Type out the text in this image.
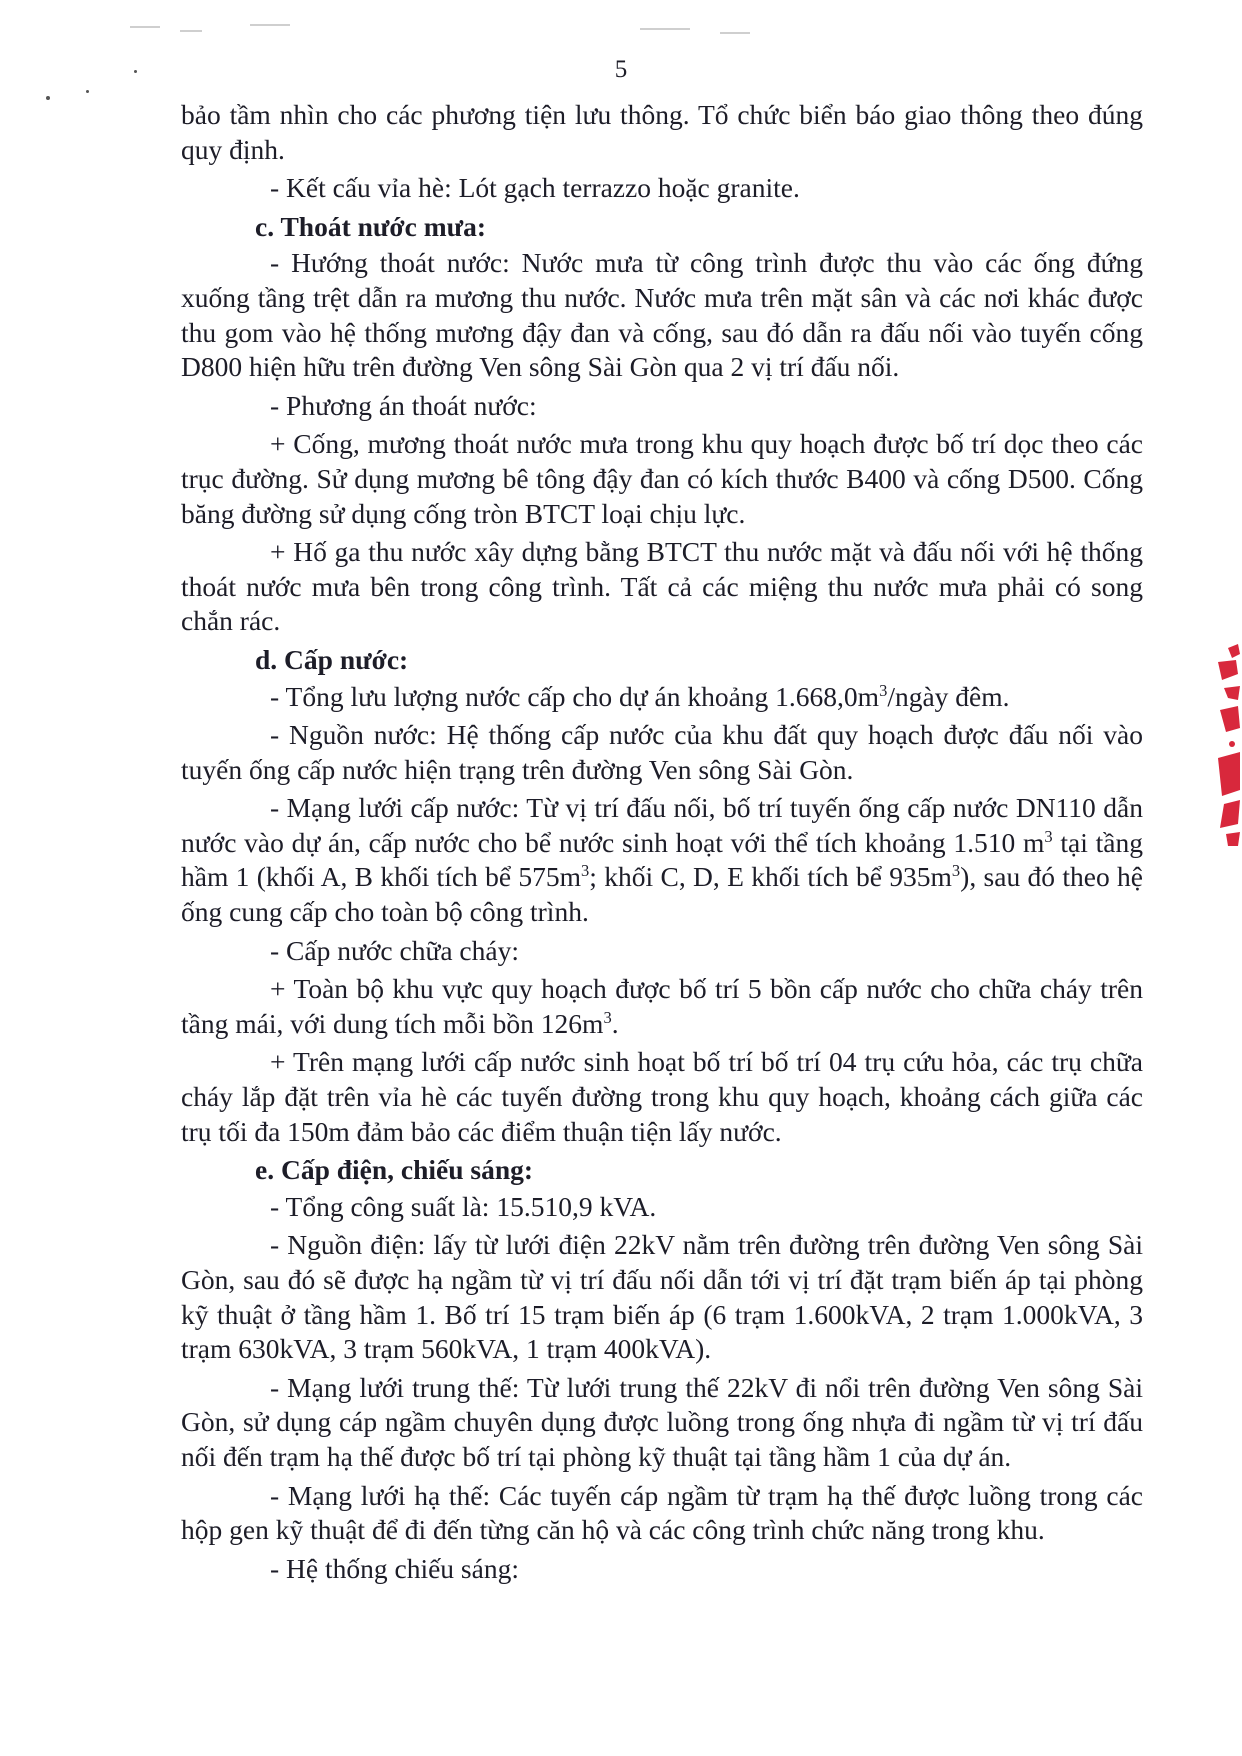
5

bảo tầm nhìn cho các phương tiện lưu thông. Tổ chức biển báo giao thông theo đúng quy định.

- Kết cấu vỉa hè: Lót gạch terrazzo hoặc granite.

c. Thoát nước mưa:

- Hướng thoát nước: Nước mưa từ công trình được thu vào các ống đứng xuống tầng trệt dẫn ra mương thu nước. Nước mưa trên mặt sân và các nơi khác được thu gom vào hệ thống mương đậy đan và cống, sau đó dẫn ra đấu nối vào tuyến cống D800 hiện hữu trên đường Ven sông Sài Gòn qua 2 vị trí đấu nối.

- Phương án thoát nước:

+ Cống, mương thoát nước mưa trong khu quy hoạch được bố trí dọc theo các trục đường. Sử dụng mương bê tông đậy đan có kích thước B400 và cống D500. Cống băng đường sử dụng cống tròn BTCT loại chịu lực.

+ Hố ga thu nước xây dựng bằng BTCT thu nước mặt và đấu nối với hệ thống thoát nước mưa bên trong công trình. Tất cả các miệng thu nước mưa phải có song chắn rác.

d. Cấp nước:

- Tổng lưu lượng nước cấp cho dự án khoảng $1.668,0m^3$/ngày đêm.

- Nguồn nước: Hệ thống cấp nước của khu đất quy hoạch được đấu nối vào tuyến ống cấp nước hiện trạng trên đường Ven sông Sài Gòn.

- Mạng lưới cấp nước: Từ vị trí đấu nối, bố trí tuyến ống cấp nước DN110 dẫn nước vào dự án, cấp nước cho bể nước sinh hoạt với thể tích khoảng 1.510 $m^3$ tại tầng hầm 1 (khối A, B khối tích bể $575m^3$; khối C, D, E khối tích bể $935m^3$), sau đó theo hệ ống cung cấp cho toàn bộ công trình.

- Cấp nước chữa cháy:

+ Toàn bộ khu vực quy hoạch được bố trí 5 bồn cấp nước cho chữa cháy trên tầng mái, với dung tích mỗi bồn $126m^3$.

+ Trên mạng lưới cấp nước sinh hoạt bố trí bố trí 04 trụ cứu hỏa, các trụ chữa cháy lắp đặt trên vỉa hè các tuyến đường trong khu quy hoạch, khoảng cách giữa các trụ tối đa 150m đảm bảo các điểm thuận tiện lấy nước.

e. Cấp điện, chiếu sáng:

- Tổng công suất là: 15.510,9 kVA.

- Nguồn điện: lấy từ lưới điện 22kV nằm trên đường trên đường Ven sông Sài Gòn, sau đó sẽ được hạ ngầm từ vị trí đấu nối dẫn tới vị trí đặt trạm biến áp tại phòng kỹ thuật ở tầng hầm 1. Bố trí 15 trạm biến áp (6 trạm 1.600kVA, 2 trạm 1.000kVA, 3 trạm 630kVA, 3 trạm 560kVA, 1 trạm 400kVA).

- Mạng lưới trung thế: Từ lưới trung thế 22kV đi nổi trên đường Ven sông Sài Gòn, sử dụng cáp ngầm chuyên dụng được luồng trong ống nhựa đi ngầm từ vị trí đấu nối đến trạm hạ thế được bố trí tại phòng kỹ thuật tại tầng hầm 1 của dự án.

- Mạng lưới hạ thế: Các tuyến cáp ngầm từ trạm hạ thế được luồng trong các hộp gen kỹ thuật để đi đến từng căn hộ và các công trình chức năng trong khu.

- Hệ thống chiếu sáng:
